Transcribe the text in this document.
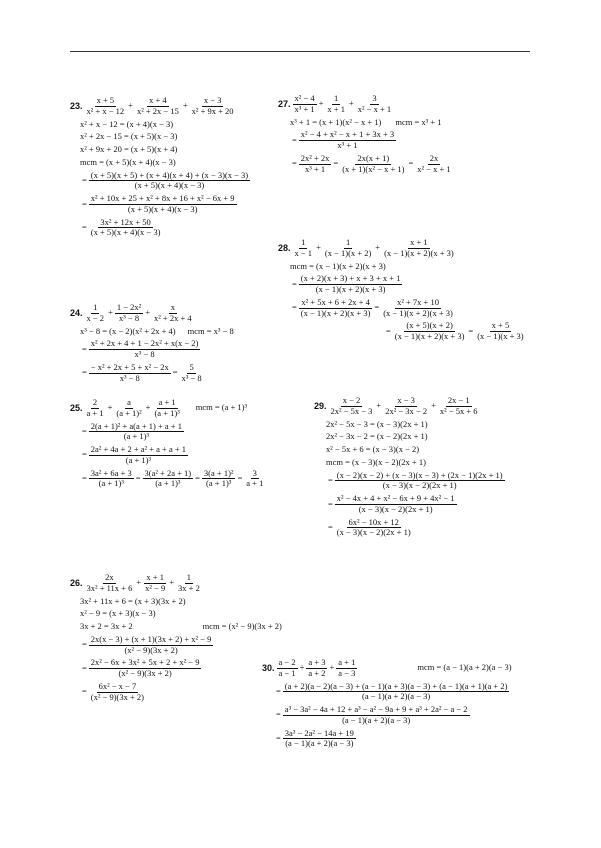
23. $\frac{x + 5}{\text{x² + x − 12}} + \frac{x + 4}{\text{x² + 2x − 15}} + \frac{x - 3}{\text{x² + 9x + 20}}$
x² + x − 12 = (x + 4)(x − 3)
x² + 2x − 15 = (x + 5)(x − 3)
x² + 9x + 20 = (x + 5)(x + 4)
mcm = (x + 5)(x + 4)(x − 3)
= $\frac{(x + 5)(x + 5) + (x + 4)(x + 4) + (x - 3)(x - 3)}{(x + 5)(x + 4)(x - 3)}$
= $\frac{\text{x² + 10x + 25 + x² + 8x + 16 + x² − 6x + 9}}{(x + 5)(x + 4)(x - 3)}$
= $\frac{\text{3x² + 12x + 50}}{(x + 5)(x + 4)(x - 3)}$
24. $\frac{1}{x - 2} + \frac{\text{1 − 2x²}}{\text{x³ − 8}} + \frac{x}{\text{x² + 2x + 4}}$
x³ − 8 = (x − 2)(x² + 2x + 4) mcm = x³ − 8
= $\frac{\text{x² + 2x + 4 + 1 − 2x² + x(x − 2)}}{\text{x³ − 8}}$
= $\frac{\text{− x² + 2x + 5 + x² − 2x}}{\text{x³ − 8}} = \frac{5}{\text{x³ − 8}}$
25. $\frac{2}{a + 1} + \frac{a}{\text{(a + 1)²}} + \frac{a + 1}{\text{(a + 1)³}}$ mcm = (a + 1)³
= $\frac{\text{2(a + 1)² + a(a + 1) + a + 1}}{\text{(a + 1)³}}$
= $\frac{\text{2a² + 4a + 2 + a² + a + a + 1}}{\text{(a + 1)³}}$
= $\frac{\text{3a² + 6a + 3}}{\text{(a + 1)³}} = \frac{\text{3(a² + 2a + 1)}}{\text{(a + 1)³}} = \frac{\text{3(a + 1)²}}{\text{(a + 1)³}} = \frac{3}{a + 1}$
26. $\frac{2x}{\text{3x² + 11x + 6}} + \frac{x + 1}{\text{x² − 9}} + \frac{1}{3x + 2}$
3x² + 11x + 6 = (x + 3)(3x + 2)
x² − 9 = (x + 3)(x − 3)
3x + 2 = 3x + 2	mcm = (x² − 9)(3x + 2)
= $\frac{\text{2x(x − 3) + (x + 1)(3x + 2) + x² − 9}}{\text{(x² − 9)(3x + 2)}}$
= $\frac{\text{2x² − 6x + 3x² + 5x + 2 + x² − 9}}{\text{(x² − 9)(3x + 2)}}$
= $\frac{\text{6x² − x − 7}}{\text{(x² − 9)(3x + 2)}}$
27. $\frac{\text{x² − 4}}{\text{x³ + 1}} + \frac{1}{x + 1} + \frac{3}{\text{x² − x + 1}}$
x³ + 1 = (x + 1)(x² − x + 1) mcm = x³ + 1
= $\frac{\text{x² − 4 + x² − x + 1 + 3x + 3}}{\text{x³ + 1}}$
= $\frac{\text{2x² + 2x}}{\text{x³ + 1}} = \frac{2x(x + 1)}{\text{(x + 1)(x² − x + 1)}} = \frac{2x}{\text{x² − x + 1}}$
28. $\frac{1}{x - 1} + \frac{1}{(x - 1)(x + 2)} + \frac{x + 1}{(x - 1)(x + 2)(x + 3)}$
mcm = (x − 1)(x + 2)(x + 3)
= $\frac{(x + 2)(x + 3) + x + 3 + x + 1}{(x - 1)(x + 2)(x + 3)}$
= $\frac{\text{x² + 5x + 6 + 2x + 4}}{(x - 1)(x + 2)(x + 3)} = \frac{\text{x² + 7x + 10}}{(x - 1)(x + 2)(x + 3)}$
= $\frac{(x + 5)(x + 2)}{(x - 1)(x + 2)(x + 3)} = \frac{x + 5}{(x - 1)(x + 3)}$
29. $\frac{x - 2}{\text{2x² − 5x − 3}} + \frac{x - 3}{\text{2x² − 3x − 2}} + \frac{2x - 1}{\text{x² − 5x + 6}}$
2x² − 5x − 3 = (x − 3)(2x + 1)
2x² − 3x − 2 = (x − 2)(2x + 1)
x² − 5x + 6 = (x − 3)(x − 2)
mcm = (x − 3)(x − 2)(2x + 1)
= $\frac{(x - 2)(x - 2) + (x - 3)(x - 3) + (2x - 1)(2x + 1)}{(x - 3)(x - 2)(2x + 1)}$
= $\frac{\text{x² − 4x + 4 + x² − 6x + 9 + 4x² − 1}}{(x - 3)(x - 2)(2x + 1)}$
= $\frac{\text{6x² − 10x + 12}}{(x - 3)(x - 2)(2x + 1)}$
30. $\frac{a - 2}{a - 1} + \frac{a + 3}{a + 2} + \frac{a + 1}{a - 3}$	mcm = (a − 1)(a + 2)(a − 3)
=
(a + 2)(a − 2)(a − 3) + (a − 1)(a + 3)(a − 3) + (a − 1)(a + 1)(a + 2)
(a − 1)(a + 2)(a − 3)
= $\frac{\text{a³ − 3a² − 4a + 12 + a³ − a² − 9a + 9 + a³ + 2a² − a − 2}}{(a - 1)(a + 2)(a - 3)}$
= $\frac{\text{3a³ − 2a² − 14a + 19}}{(a - 1)(a + 2)(a - 3)}$
